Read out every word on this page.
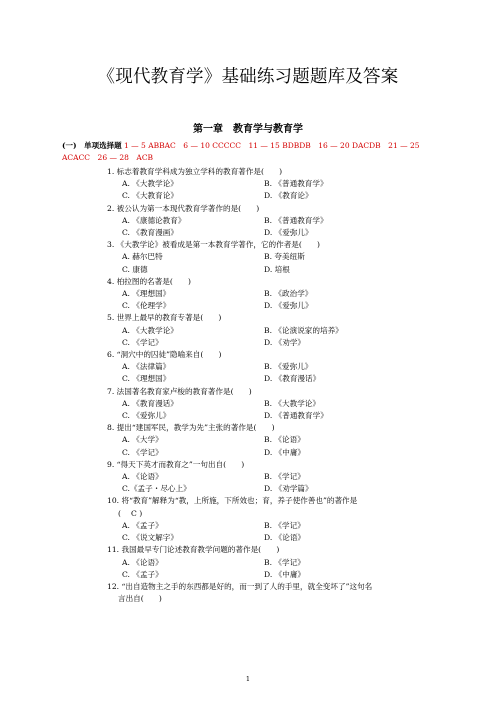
《现代教育学》基础练习题题库及答案
第一章　教育学与教育学
(一)　单项选择题 1 — 5 ABBAC　6 — 10 CCCCC　11 — 15 BDBDB　16 — 20 DACDB　21 — 25 ACACC　26 — 28　ACB
1. 标志着教育学科成为独立学科的教育著作是(　　)
A. 《大教学论》	B. 《普通教育学》
C. 《大教育论》	D. 《教育论》
2. 被公认为第一本现代教育学著作的是(　　)
A. 《康德论教育》	B. 《普通教育学》
C. 《教育漫画》	D. 《爱弥儿》
3. 《大教学论》被看成是第一本教育学著作，它的作者是(　　)
A. 赫尔巴特	B. 夸美纽斯
C. 康德	D. 培根
4. 柏拉图的名著是(　　)
A. 《理想国》	B. 《政治学》
C. 《伦理学》	D. 《爱弥儿》
5. 世界上最早的教育专著是(　　)
A. 《大教学论》	B. 《论演说家的培养》
C. 《学记》	D. 《劝学》
6. “洞穴中的囚徒”隐喻来自(　　)
A. 《法律篇》	B. 《爱弥儿》
C. 《理想国》	D. 《教育漫话》
7. 法国著名教育家卢梭的教育著作是(　　)
A. 《教育漫话》	B. 《大教学论》
C. 《爱弥儿》	D. 《普通教育学》
8. 提出“建国军民，教学为先”主张的著作是(　　)
A. 《大学》	B. 《论语》
C. 《学记》	D. 《中庸》
9. “得天下英才而教育之”一句出自(　　)
A. 《论语》	B. 《学记》
C.《孟子・尽心上》	D. 《劝学篇》
10. 将“教育”解释为“教，上所施，下所效也；育，养子使作善也”的著作是
(　 C )
A. 《孟子》	B. 《学记》
C. 《说文解字》	D. 《论语》
11. 我国最早专门论述教育教学问题的著作是(　　)
A. 《论语》	B. 《学记》
C. 《孟子》	D. 《中庸》
12. “出自造物主之手的东西都是好的，而一到了人的手里，就全变坏了”这句名
言出自(　　)
1
